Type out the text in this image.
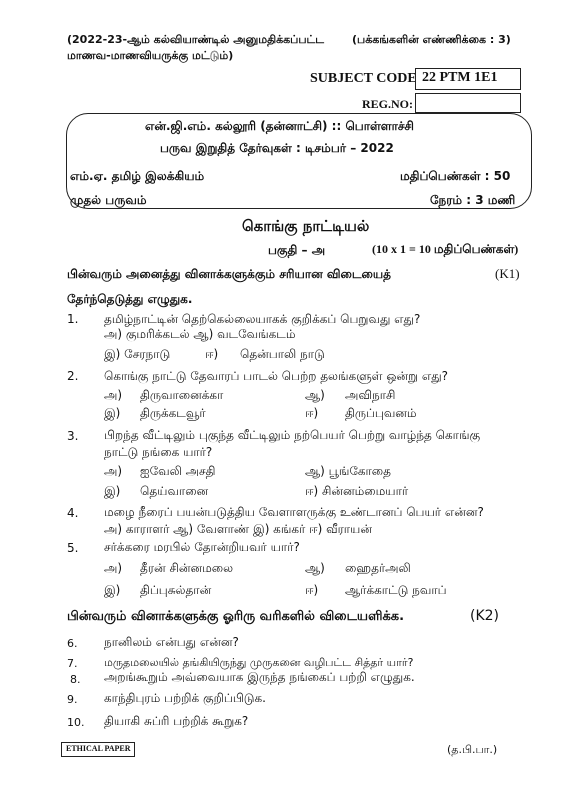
(2022-23-ஆம் கல்வியாண்டில் அனுமதிக்கப்பட்ட
மாணவ-மாணவியருக்கு மட்டும்)
(பக்கங்களின் எண்ணிக்கை : 3)
SUBJECT CODE 22 PTM 1E1
REG.NO:
என்.ஜி.எம். கல்லூரி (தன்னாட்சி) :: பொள்ளாச்சி
பருவ இறுதித் தேர்வுகள் : டிசம்பர் – 2022
எம்.ஏ. தமிழ் இலக்கியம்	மதிப்பெண்கள் : 50
முதல் பருவம்	நேரம் : 3 மணி
கொங்கு நாட்டியல்
பகுதி – அ	(10 x 1 = 10 மதிப்பெண்கள்)
பின்வரும் அனைத்து வினாக்களுக்கும் சரியான விடையைத்	(K1)
தேர்ந்தெடுத்து எழுதுக.
1. தமிழ்நாட்டின் தெற்கெல்லையாகக் குறிக்கப் பெறுவது எது?
அ) குமரிக்கடல் ஆ) வடவேங்கடம்
இ) சேரநாடு	ஈ) தென்பாலி நாடு
2. கொங்கு நாட்டு தேவாரப் பாடல் பெற்ற தலங்களுள் ஒன்று எது?
அ) திருவானைக்கா	ஆ) அவிநாசி
இ) திருக்கடவூர்	ஈ) திருப்புவனம்
3. பிறந்த வீட்டிலும் புகுந்த வீட்டிலும் நற்பெயர் பெற்று வாழ்ந்த கொங்கு
நாட்டு நங்கை யார்?
அ) ஐவேலி அசதி	ஆ) பூங்கோதை
இ) தெய்வானை	ஈ) சின்னம்மையார்
4. மழை நீரைப் பயன்படுத்திய வேளாளருக்கு உண்டானப் பெயர் என்ன?
அ) காராளர் ஆ) வேளாண் இ) கங்கர் ஈ) வீராயன்
5. சர்க்கரை மரபில் தோன்றியவர் யார்?
அ) தீரன் சின்னமலை	ஆ) ஹைதர்அலி
இ) திப்புசுல்தான்	ஈ) ஆர்க்காட்டு நவாப்
பின்வரும் வினாக்களுக்கு ஓரிரு வரிகளில் விடையளிக்க.	(K2)
6. நானிலம் என்பது என்ன?
7. மருதமலையில் தங்கியிருந்து முருகனை வழிபட்ட சித்தர் யார்?
8. அறங்கூறும் அவ்வையாக இருந்த நங்கைப் பற்றி எழுதுக.
9. காந்திபுரம் பற்றிக் குறிப்பிடுக.
10. தியாகி சுப்ரி பற்றிக் கூறுக?
ETHICAL PAPER	(த.பி.பா.)
